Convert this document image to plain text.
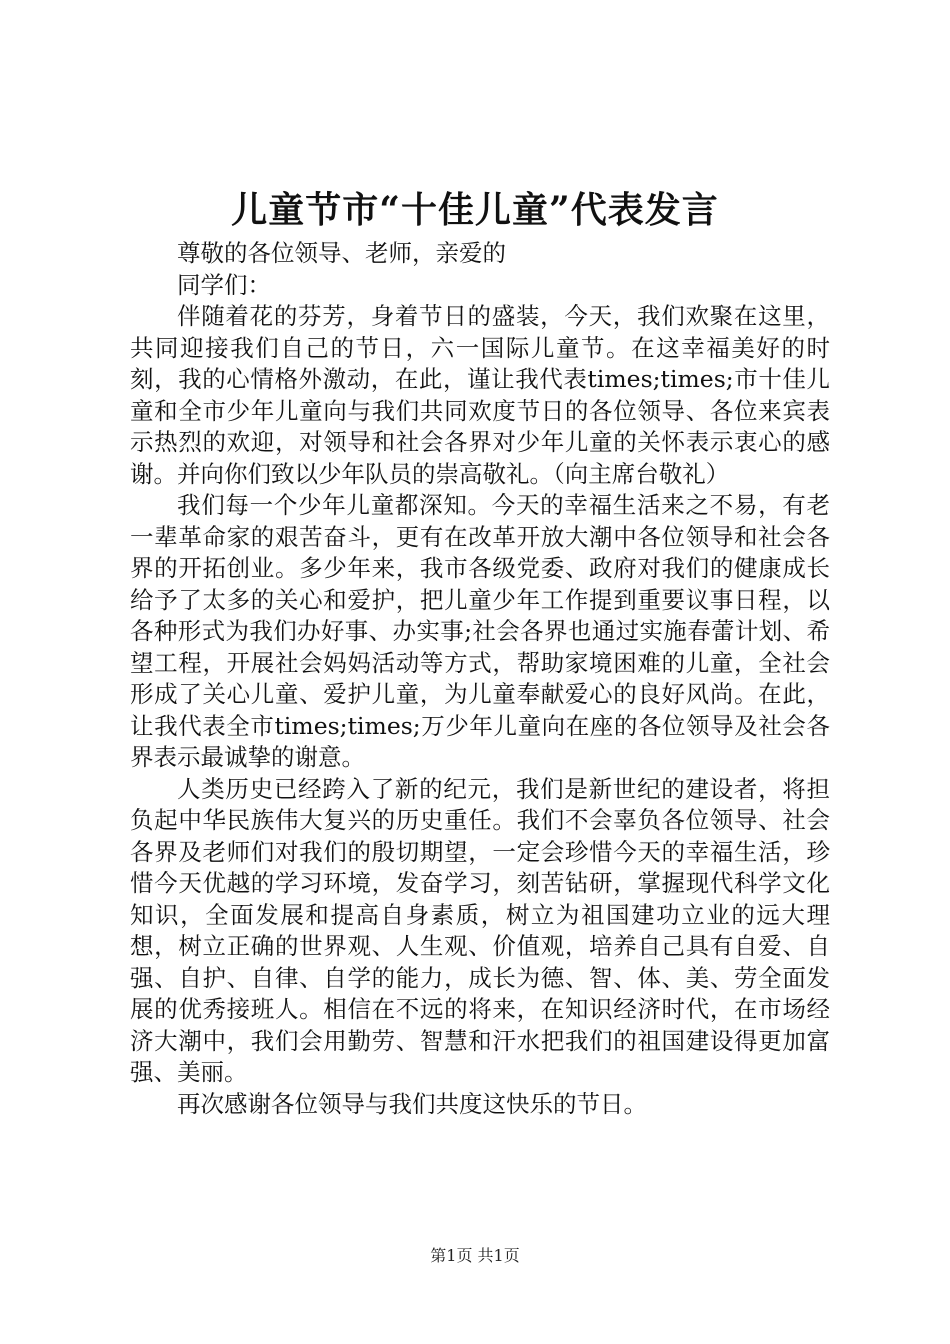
儿童节市“十佳儿童”代表发言

尊敬的各位领导、老师，亲爱的

同学们：

伴随着花的芬芳，身着节日的盛装，今天，我们欢聚在这里，共同迎接我们自己的节日，六一国际儿童节。在这幸福美好的时刻，我的心情格外激动，在此，谨让我代表times;times;市十佳儿童和全市少年儿童向与我们共同欢度节日的各位领导、各位来宾表示热烈的欢迎，对领导和社会各界对少年儿童的关怀表示衷心的感谢。并向你们致以少年队员的崇高敬礼。（向主席台敬礼）

我们每一个少年儿童都深知。今天的幸福生活来之不易，有老一辈革命家的艰苦奋斗，更有在改革开放大潮中各位领导和社会各界的开拓创业。多少年来，我市各级党委、政府对我们的健康成长给予了太多的关心和爱护，把儿童少年工作提到重要议事日程，以各种形式为我们办好事、办实事;社会各界也通过实施春蕾计划、希望工程，开展社会妈妈活动等方式，帮助家境困难的儿童，全社会形成了关心儿童、爱护儿童，为儿童奉献爱心的良好风尚。在此，让我代表全市times;times;万少年儿童向在座的各位领导及社会各界表示最诚挚的谢意。

人类历史已经跨入了新的纪元，我们是新世纪的建设者，将担负起中华民族伟大复兴的历史重任。我们不会辜负各位领导、社会各界及老师们对我们的殷切期望，一定会珍惜今天的幸福生活，珍惜今天优越的学习环境，发奋学习，刻苦钻研，掌握现代科学文化知识，全面发展和提高自身素质，树立为祖国建功立业的远大理想，树立正确的世界观、人生观、价值观，培养自己具有自爱、自强、自护、自律、自学的能力，成长为德、智、体、美、劳全面发展的优秀接班人。相信在不远的将来，在知识经济时代，在市场经济大潮中，我们会用勤劳、智慧和汗水把我们的祖国建设得更加富强、美丽。

再次感谢各位领导与我们共度这快乐的节日。

第1页 共1页
